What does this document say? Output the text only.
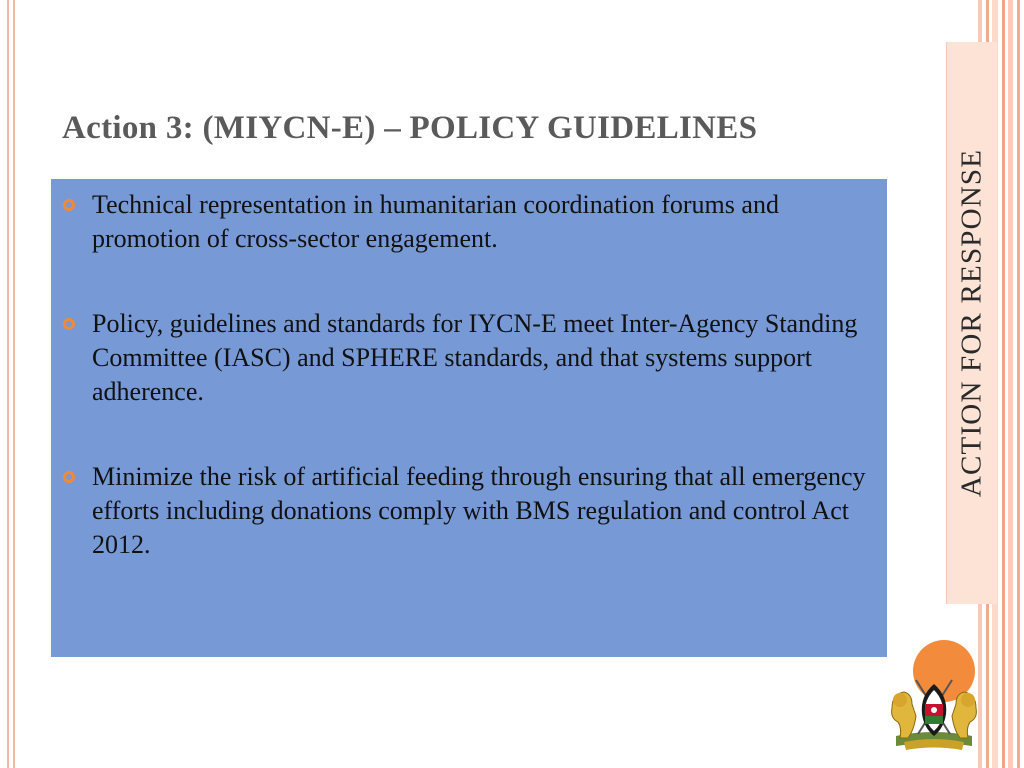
ACTION FOR RESPONSE
Action 3: (MIYCN-E) – POLICY GUIDELINES
Technical representation in humanitarian coordination forums and promotion of cross-sector engagement.
Policy, guidelines and standards for IYCN-E meet Inter-Agency Standing Committee (IASC) and SPHERE standards, and that systems support adherence.
Minimize the risk of artificial feeding through ensuring that all emergency efforts including donations comply with BMS regulation and control Act 2012.
